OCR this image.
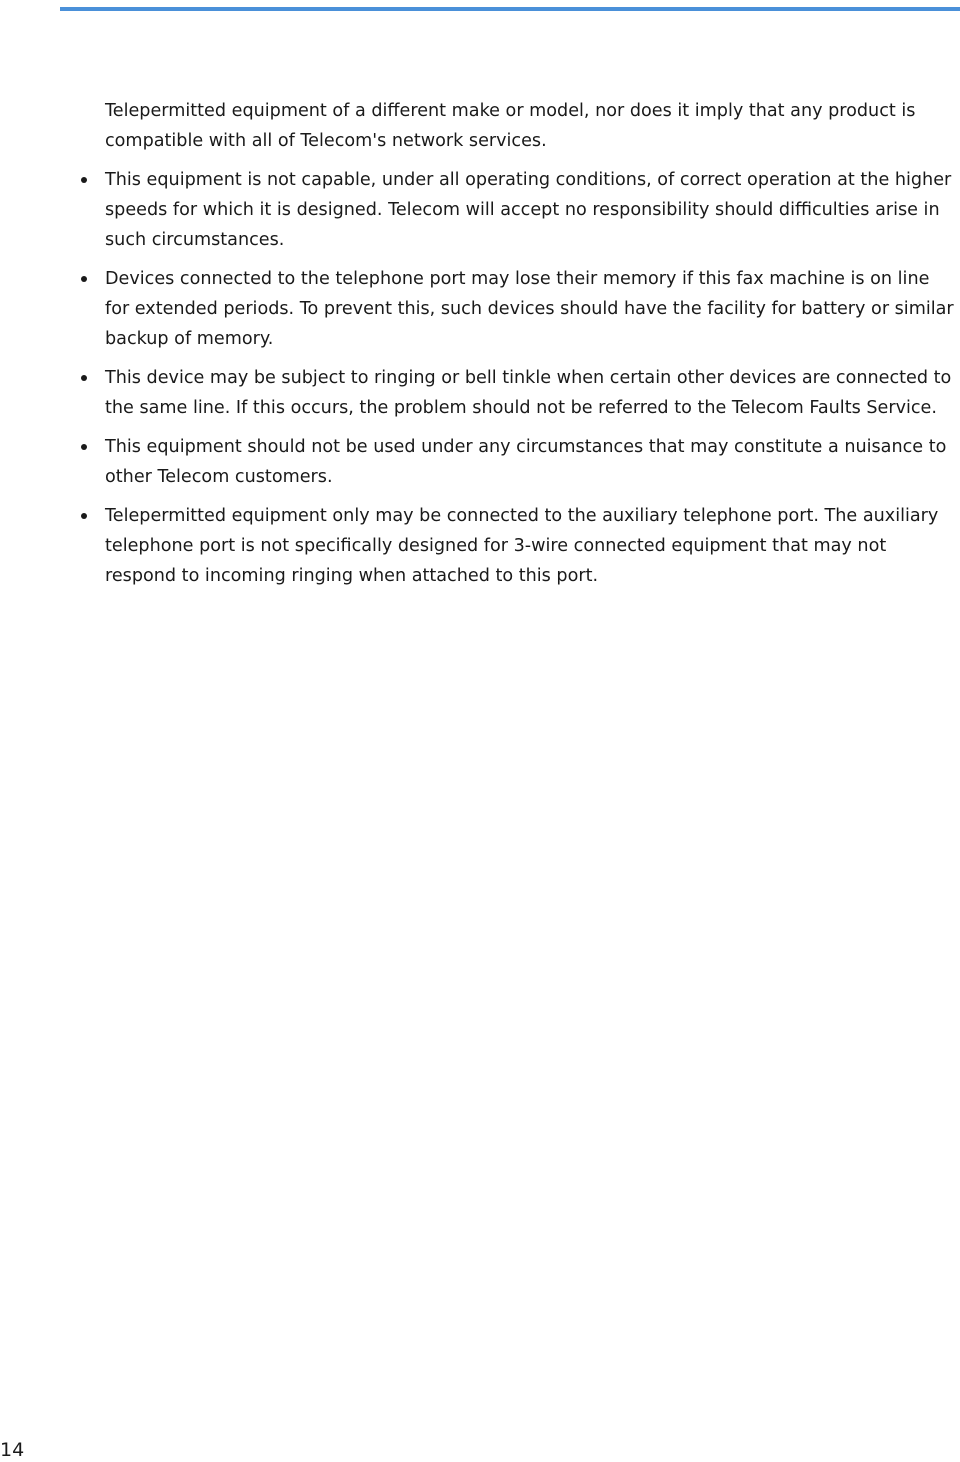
Telepermitted equipment of a different make or model, nor does it imply that any product is compatible with all of Telecom's network services.

This equipment is not capable, under all operating conditions, of correct operation at the higher speeds for which it is designed. Telecom will accept no responsibility should difficulties arise in such circumstances.
Devices connected to the telephone port may lose their memory if this fax machine is on line for extended periods. To prevent this, such devices should have the facility for battery or similar backup of memory.
This device may be subject to ringing or bell tinkle when certain other devices are connected to the same line. If this occurs, the problem should not be referred to the Telecom Faults Service.
This equipment should not be used under any circumstances that may constitute a nuisance to other Telecom customers.
Telepermitted equipment only may be connected to the auxiliary telephone port. The auxiliary telephone port is not specifically designed for 3-wire connected equipment that may not respond to incoming ringing when attached to this port.
14
